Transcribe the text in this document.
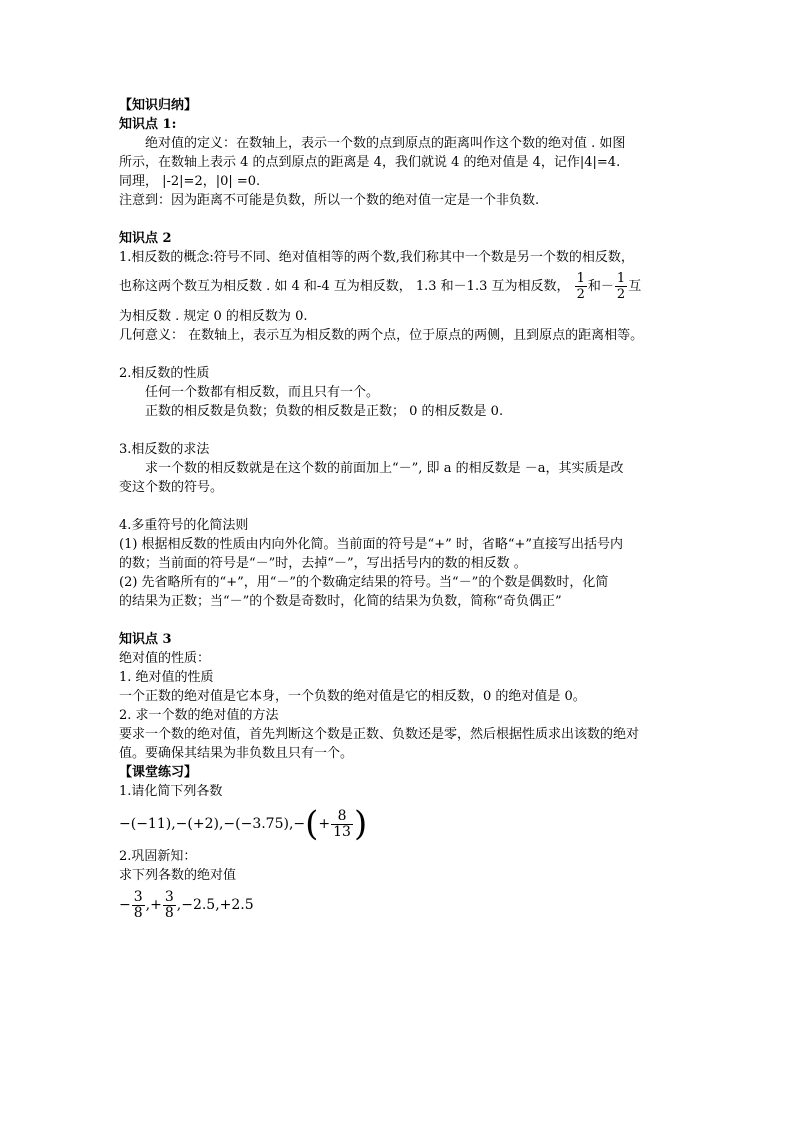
【知识归纳】
知识点 1:
绝对值的定义：在数轴上，表示一个数的点到原点的距离叫作这个数的绝对值 . 如图
所示，在数轴上表示 4 的点到原点的距离是 4，我们就说 4 的绝对值是 4，记作|4|=4.
同理， |-2|=2，|0| =0.
注意到：因为距离不可能是负数，所以一个数的绝对值一定是一个非负数.
知识点 2
1.相反数的概念:符号不同、绝对值相等的两个数,我们称其中一个数是另一个数的相反数，
也称这两个数互为相反数 . 如 4 和-4 互为相反数， 1.3 和－1.3 互为相反数， $\frac{1}{2}$ 和－ $\frac{1}{2}$ 互
为相反数 . 规定 0 的相反数为 0.
几何意义： 在数轴上，表示互为相反数的两个点，位于原点的两侧，且到原点的距离相等。
2.相反数的性质
任何一个数都有相反数，而且只有一个。
正数的相反数是负数；负数的相反数是正数； 0 的相反数是 0.
3.相反数的求法
求一个数的相反数就是在这个数的前面加上“－”, 即 a 的相反数是 －a，其实质是改
变这个数的符号。
4.多重符号的化简法则
(1) 根据相反数的性质由内向外化简。当前面的符号是“+” 时，省略“+”直接写出括号内
的数；当前面的符号是“－”时，去掉“－”，写出括号内的数的相反数 。
(2) 先省略所有的“+”，用“－”的个数确定结果的符号。当“－”的个数是偶数时，化简
的结果为正数；当“－”的个数是奇数时，化简的结果为负数，简称“奇负偶正”
知识点 3
绝对值的性质：
1. 绝对值的性质
一个正数的绝对值是它本身，一个负数的绝对值是它的相反数，0 的绝对值是 0。
2. 求一个数的绝对值的方法
要求一个数的绝对值，首先判断这个数是正数、负数还是零，然后根据性质求出该数的绝对
值。要确保其结果为非负数且只有一个。
【课堂练习】
1.请化简下列各数
−(−11),−(+2),−(−3.75),− ( + $\frac{8}{13}$ )
2.巩固新知：
求下列各数的绝对值
− $\frac{3}{8}$ ,+ $\frac{3}{8} ,-2.5,+2.5$
